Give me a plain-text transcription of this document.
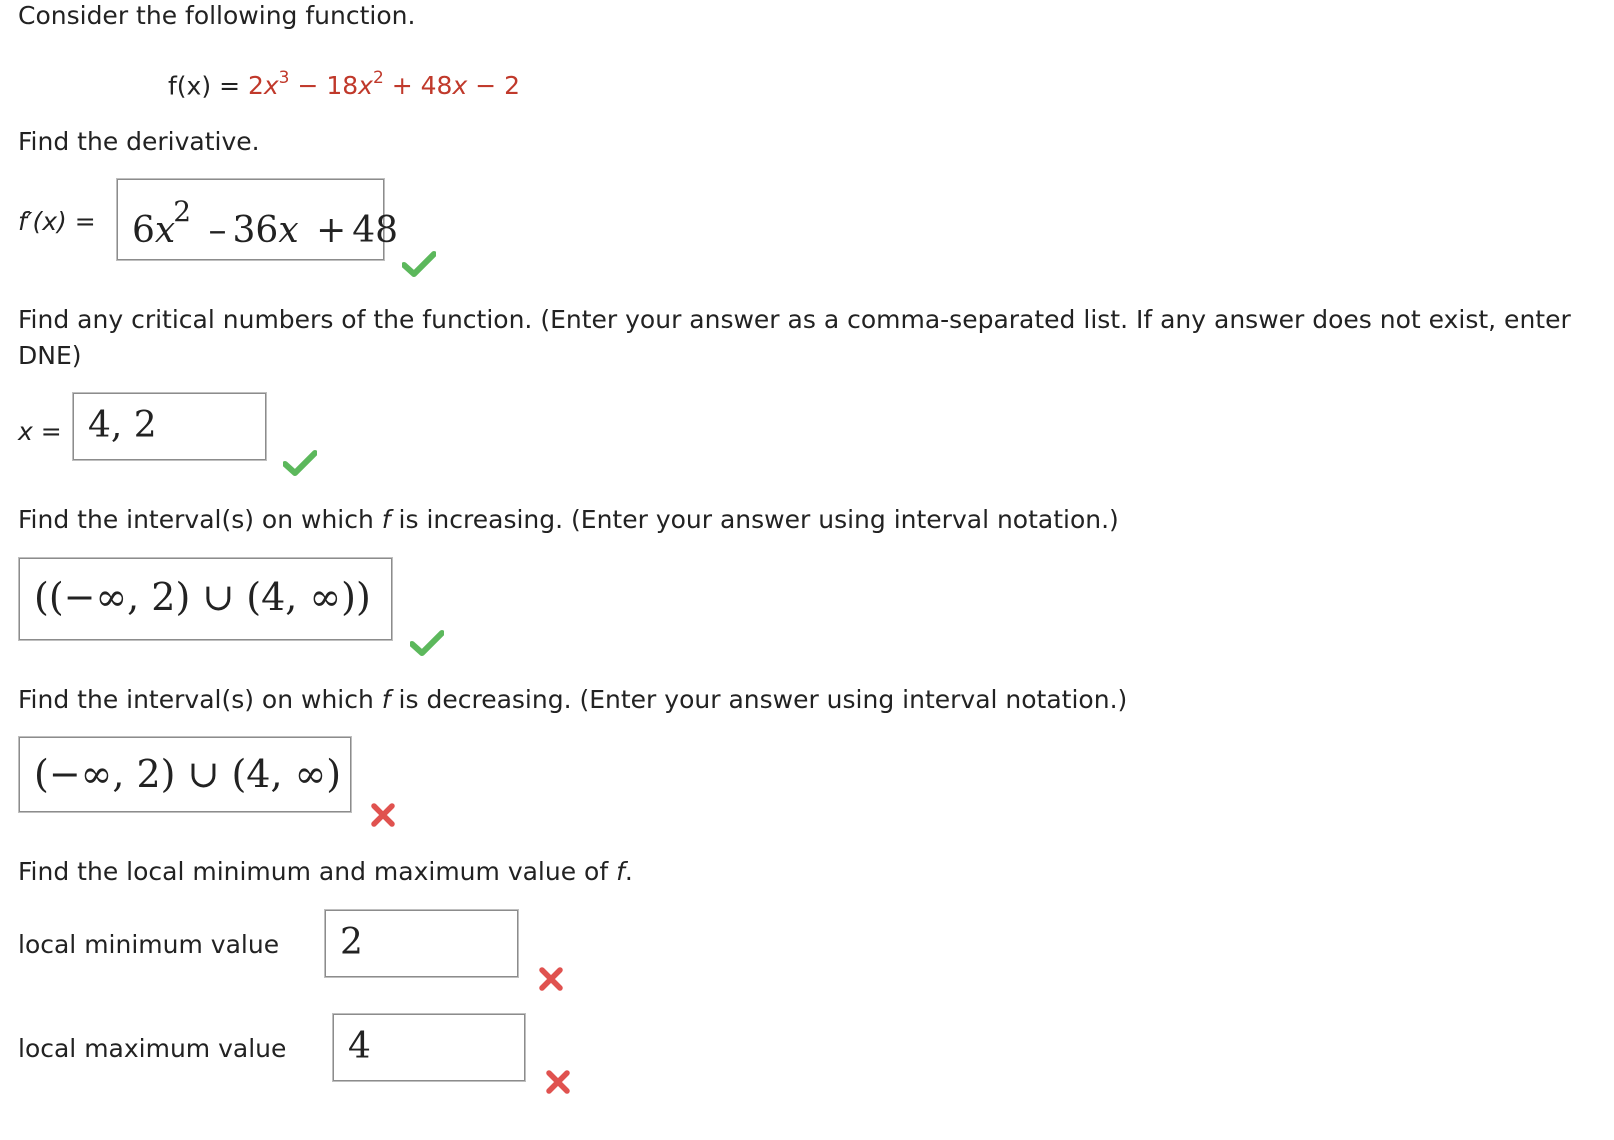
Consider the following function.
$f(x) = 2x^3 - 18x^2 + 48x - 2$
Find the derivative.
$f'(x) = 6x^2 - 36x + 48$
Find any critical numbers of the function. (Enter your answer as a comma-separated list. If any answer does not exist, enter DNE)
x = 4, 2
Find the interval(s) on which f is increasing. (Enter your answer using interval notation.)
((−∞, 2) ∪ (4, ∞))
Find the interval(s) on which f is decreasing. (Enter your answer using interval notation.)
(−∞, 2) ∪ (4, ∞)
Find the local minimum and maximum value of f.
local minimum value 2
local maximum value 4
